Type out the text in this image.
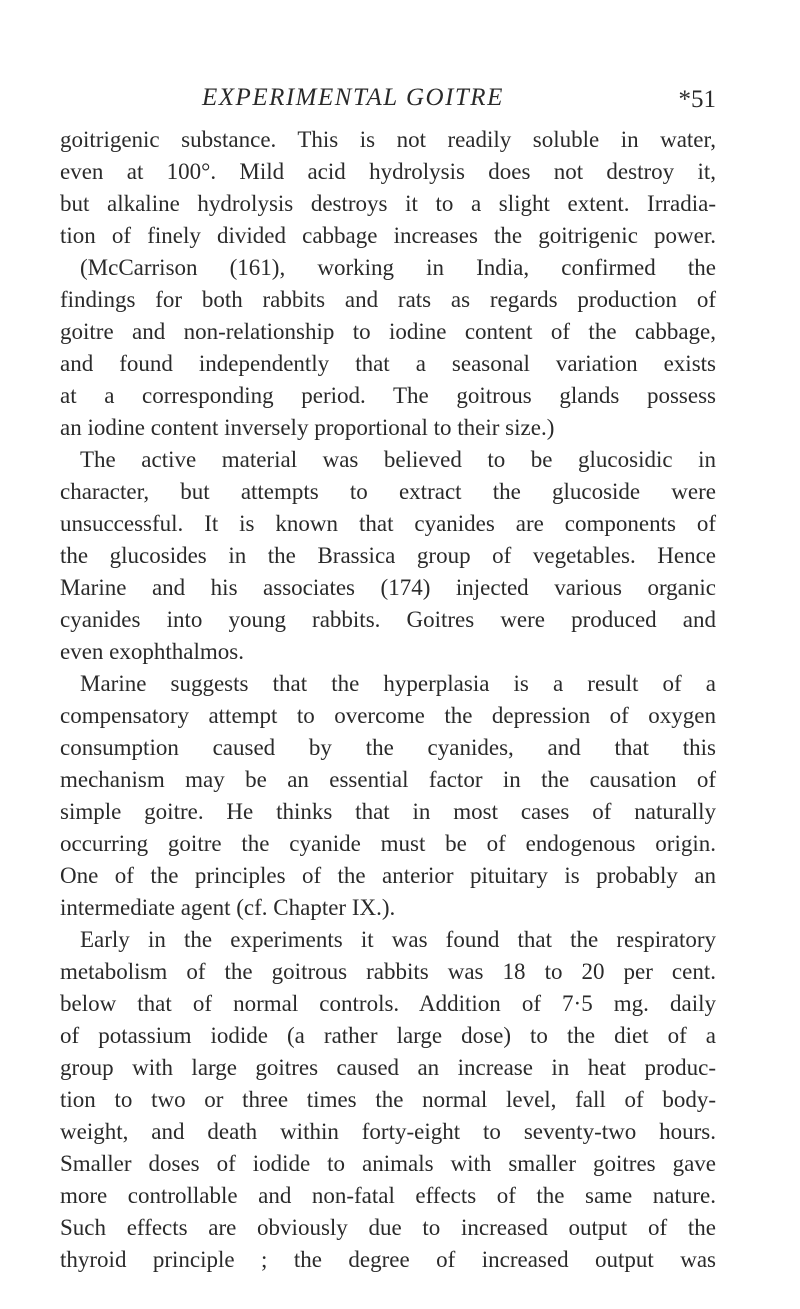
EXPERIMENTAL GOITRE	*51
goitrigenic substance. This is not readily soluble in water,
even at 100°. Mild acid hydrolysis does not destroy it,
but alkaline hydrolysis destroys it to a slight extent. Irradia-
tion of finely divided cabbage increases the goitrigenic power.
(McCarrison (161), working in India, confirmed the
findings for both rabbits and rats as regards production of
goitre and non-relationship to iodine content of the cabbage,
and found independently that a seasonal variation exists
at a corresponding period. The goitrous glands possess
an iodine content inversely proportional to their size.)
The active material was believed to be glucosidic in
character, but attempts to extract the glucoside were
unsuccessful. It is known that cyanides are components of
the glucosides in the Brassica group of vegetables. Hence
Marine and his associates (174) injected various organic
cyanides into young rabbits. Goitres were produced and
even exophthalmos.
Marine suggests that the hyperplasia is a result of a
compensatory attempt to overcome the depression of oxygen
consumption caused by the cyanides, and that this
mechanism may be an essential factor in the causation of
simple goitre. He thinks that in most cases of naturally
occurring goitre the cyanide must be of endogenous origin.
One of the principles of the anterior pituitary is probably an
intermediate agent (cf. Chapter IX.).
Early in the experiments it was found that the respiratory
metabolism of the goitrous rabbits was 18 to 20 per cent.
below that of normal controls. Addition of 7·5 mg. daily
of potassium iodide (a rather large dose) to the diet of a
group with large goitres caused an increase in heat produc-
tion to two or three times the normal level, fall of body-
weight, and death within forty-eight to seventy-two hours.
Smaller doses of iodide to animals with smaller goitres gave
more controllable and non-fatal effects of the same nature.
Such effects are obviously due to increased output of the
thyroid principle ; the degree of increased output was
